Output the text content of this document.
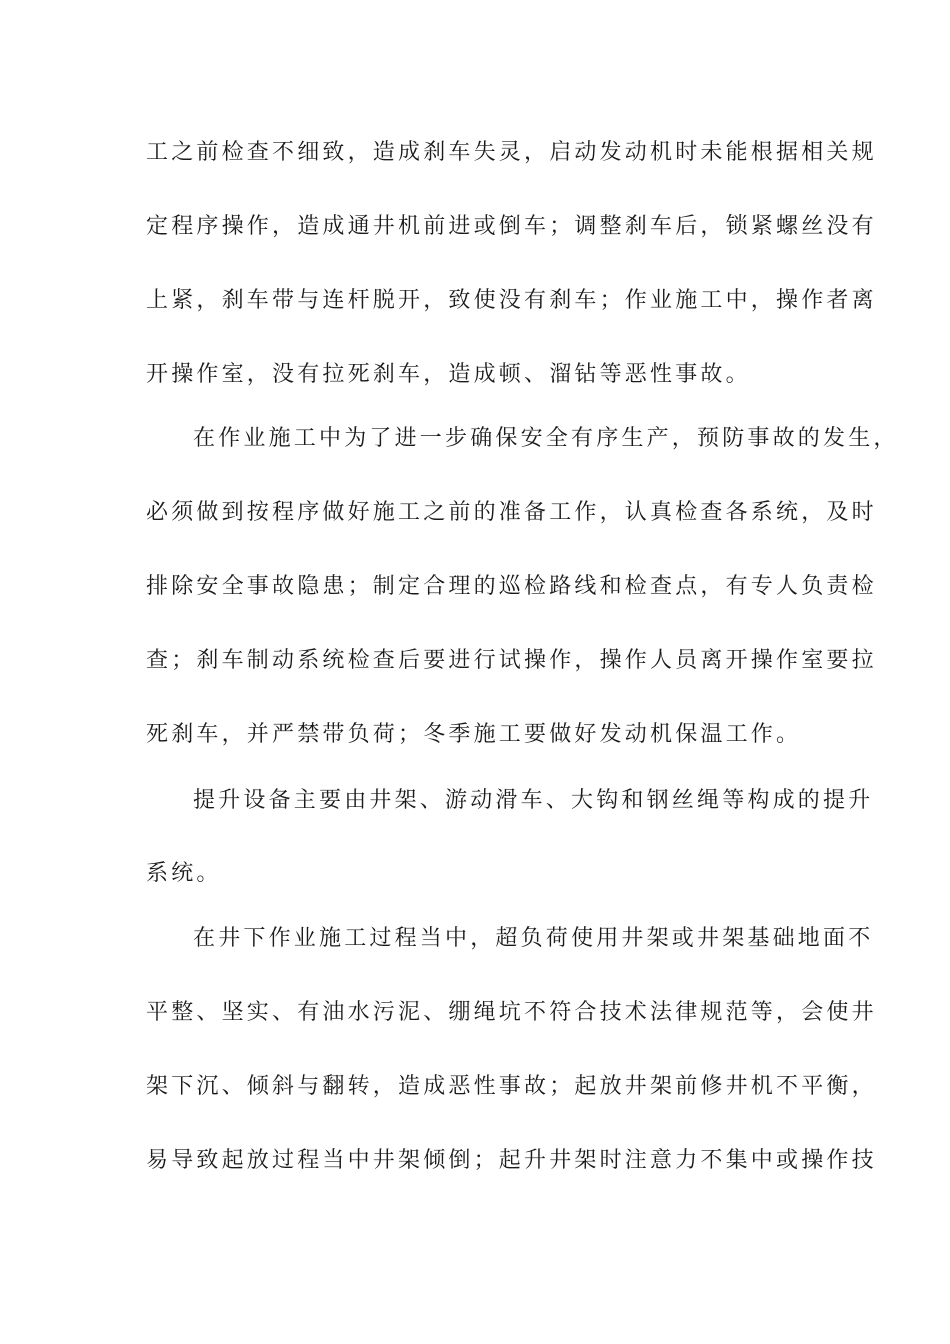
工之前检查不细致，造成刹车失灵，启动发动机时未能根据相关规
定程序操作，造成通井机前进或倒车；调整刹车后，锁紧螺丝没有
上紧，刹车带与连杆脱开，致使没有刹车；作业施工中，操作者离
开操作室，没有拉死刹车，造成顿、溜钻等恶性事故。
在作业施工中为了进一步确保安全有序生产，预防事故的发生，
必须做到按程序做好施工之前的准备工作，认真检查各系统，及时
排除安全事故隐患；制定合理的巡检路线和检查点，有专人负责检
查；刹车制动系统检查后要进行试操作，操作人员离开操作室要拉
死刹车，并严禁带负荷；冬季施工要做好发动机保温工作。
提升设备主要由井架、游动滑车、大钩和钢丝绳等构成的提升
系统。
在井下作业施工过程当中，超负荷使用井架或井架基础地面不
平整、坚实、有油水污泥、绷绳坑不符合技术法律规范等，会使井
架下沉、倾斜与翻转，造成恶性事故；起放井架前修井机不平衡，
易导致起放过程当中井架倾倒；起升井架时注意力不集中或操作技
